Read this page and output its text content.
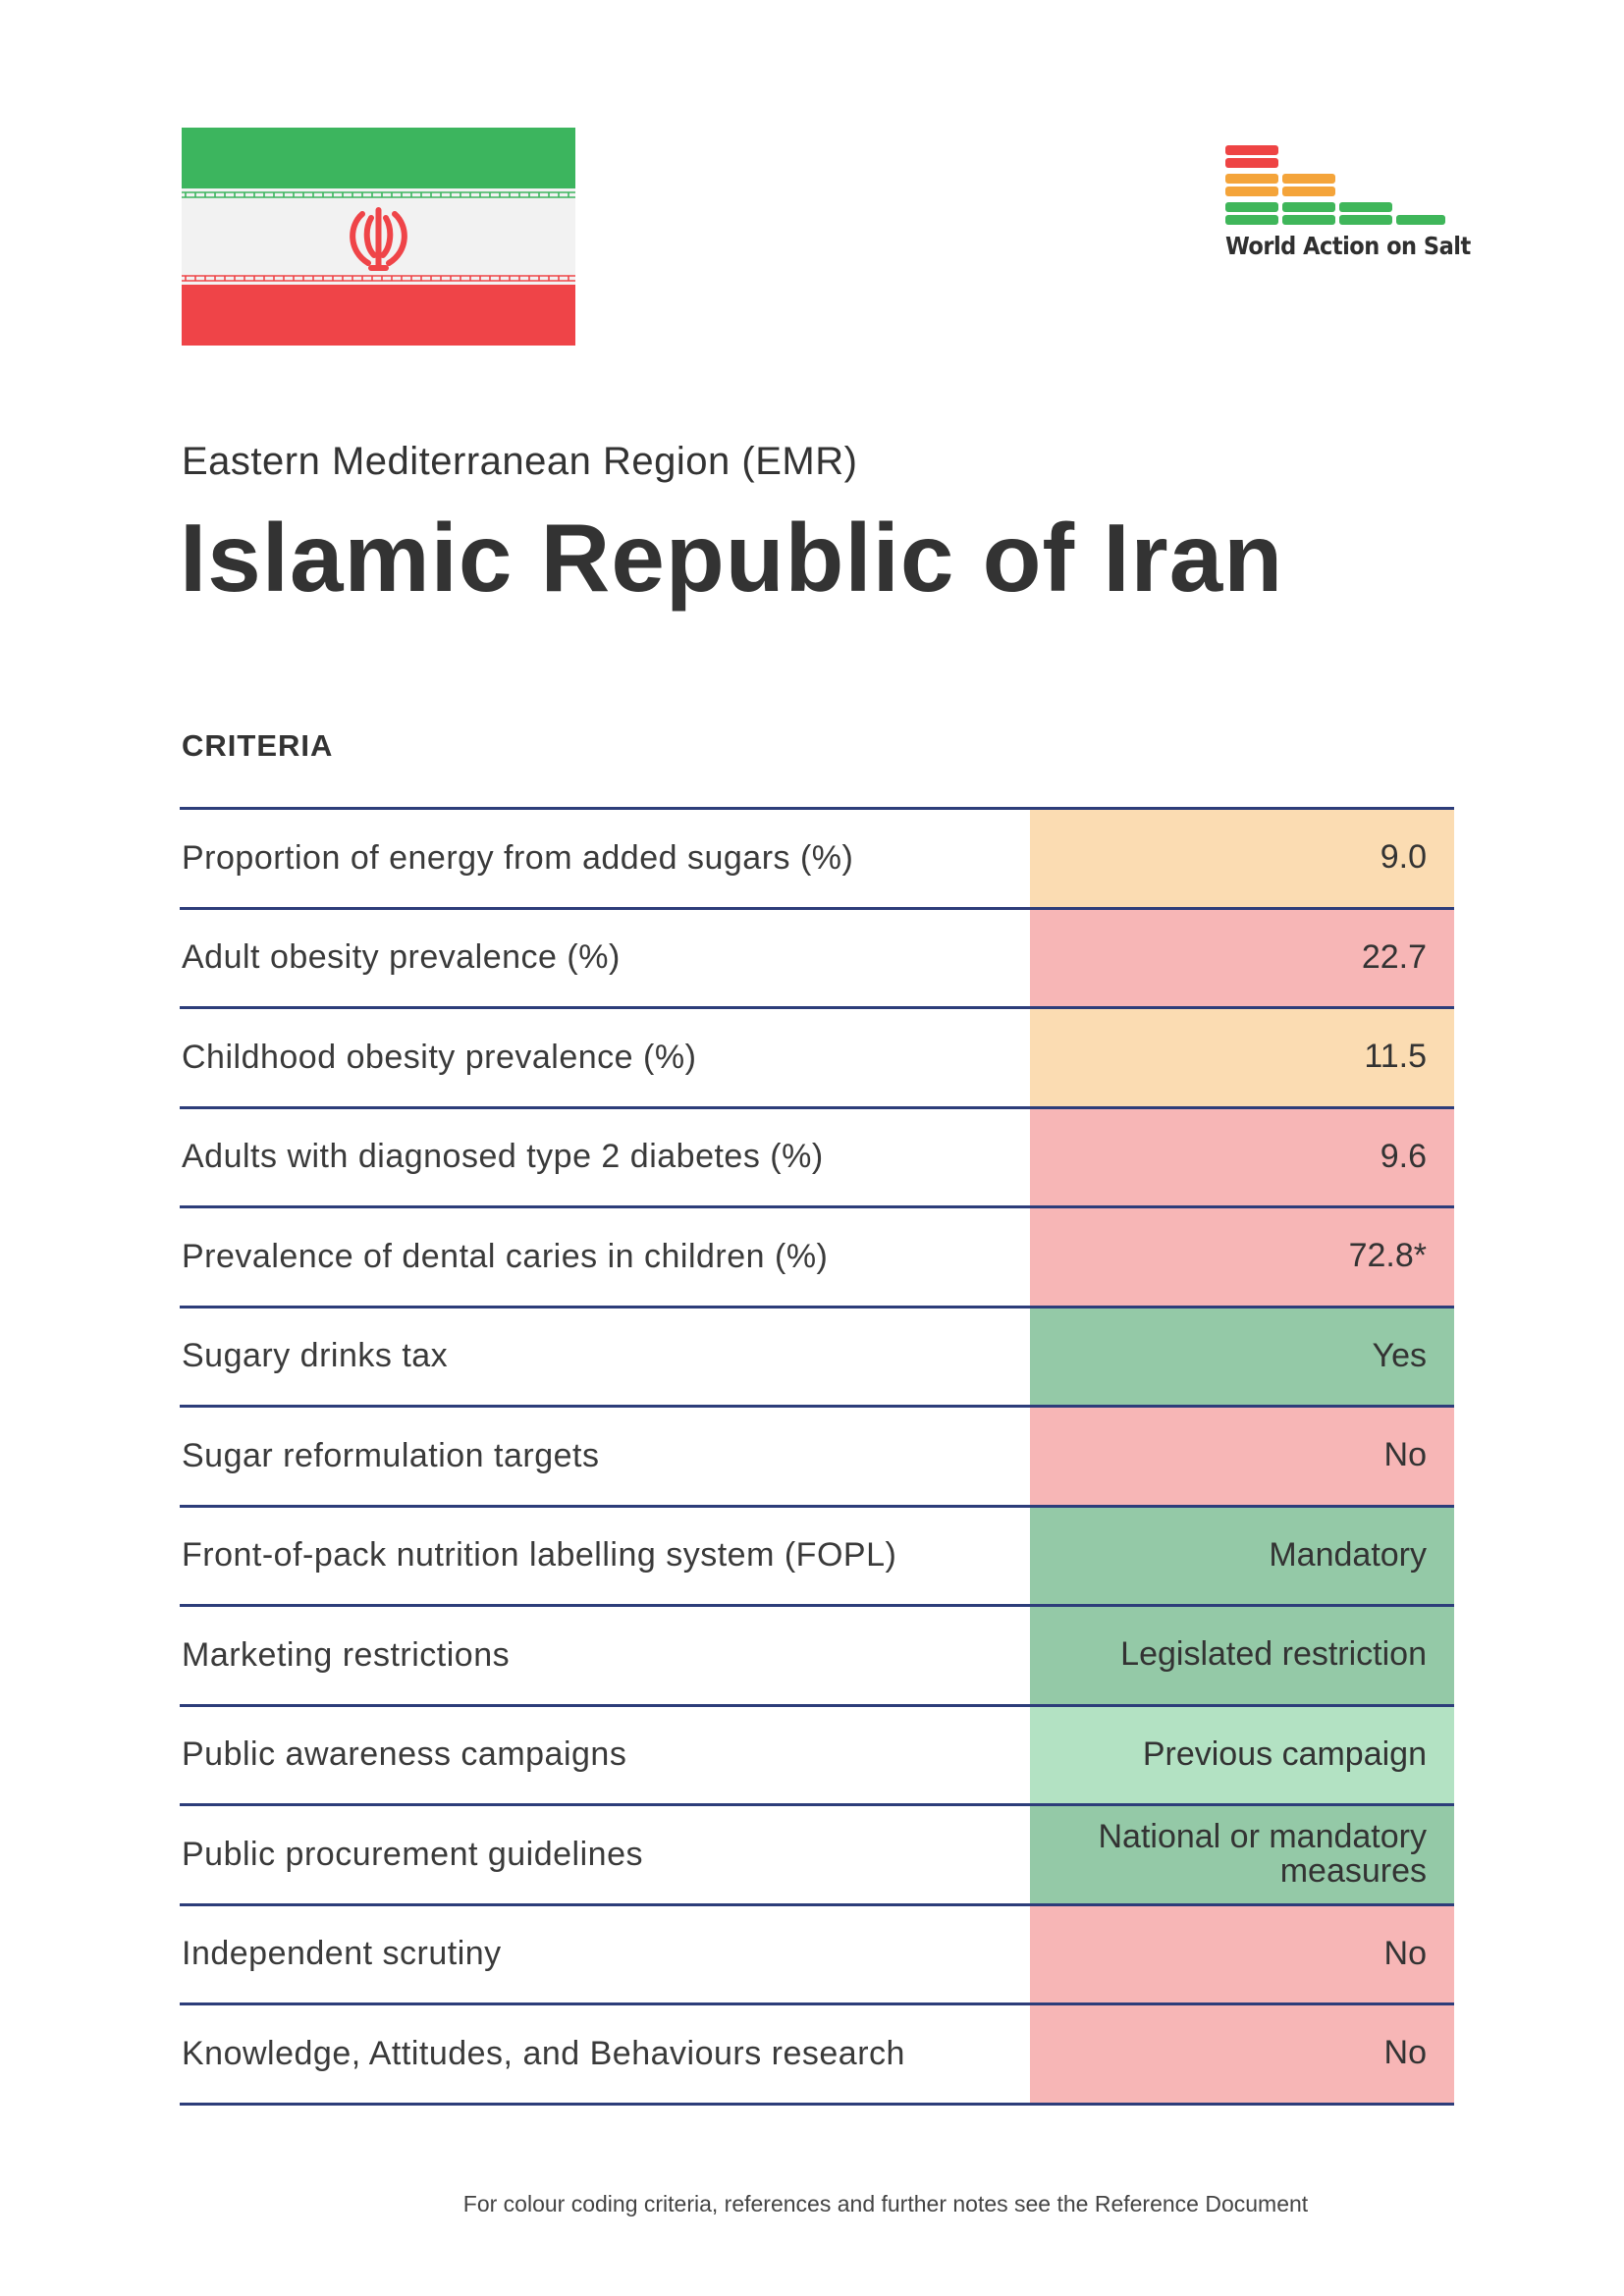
World Action on Salt
Eastern Mediterranean Region (EMR)
Islamic Republic of Iran
CRITERIA
Proportion of energy from added sugars (%)	9.0
Adult obesity prevalence (%)	22.7
Childhood obesity prevalence (%)	11.5
Adults with diagnosed type 2 diabetes (%)	9.6
Prevalence of dental caries in children (%)	72.8*
Sugary drinks tax	Yes
Sugar reformulation targets	No
Front-of-pack nutrition labelling system (FOPL)	Mandatory
Marketing restrictions	Legislated restriction
Public awareness campaigns	Previous campaign
Public procurement guidelines	National or mandatory measures
Independent scrutiny	No
Knowledge, Attitudes, and Behaviours research	No
For colour coding criteria, references and further notes see the Reference Document
